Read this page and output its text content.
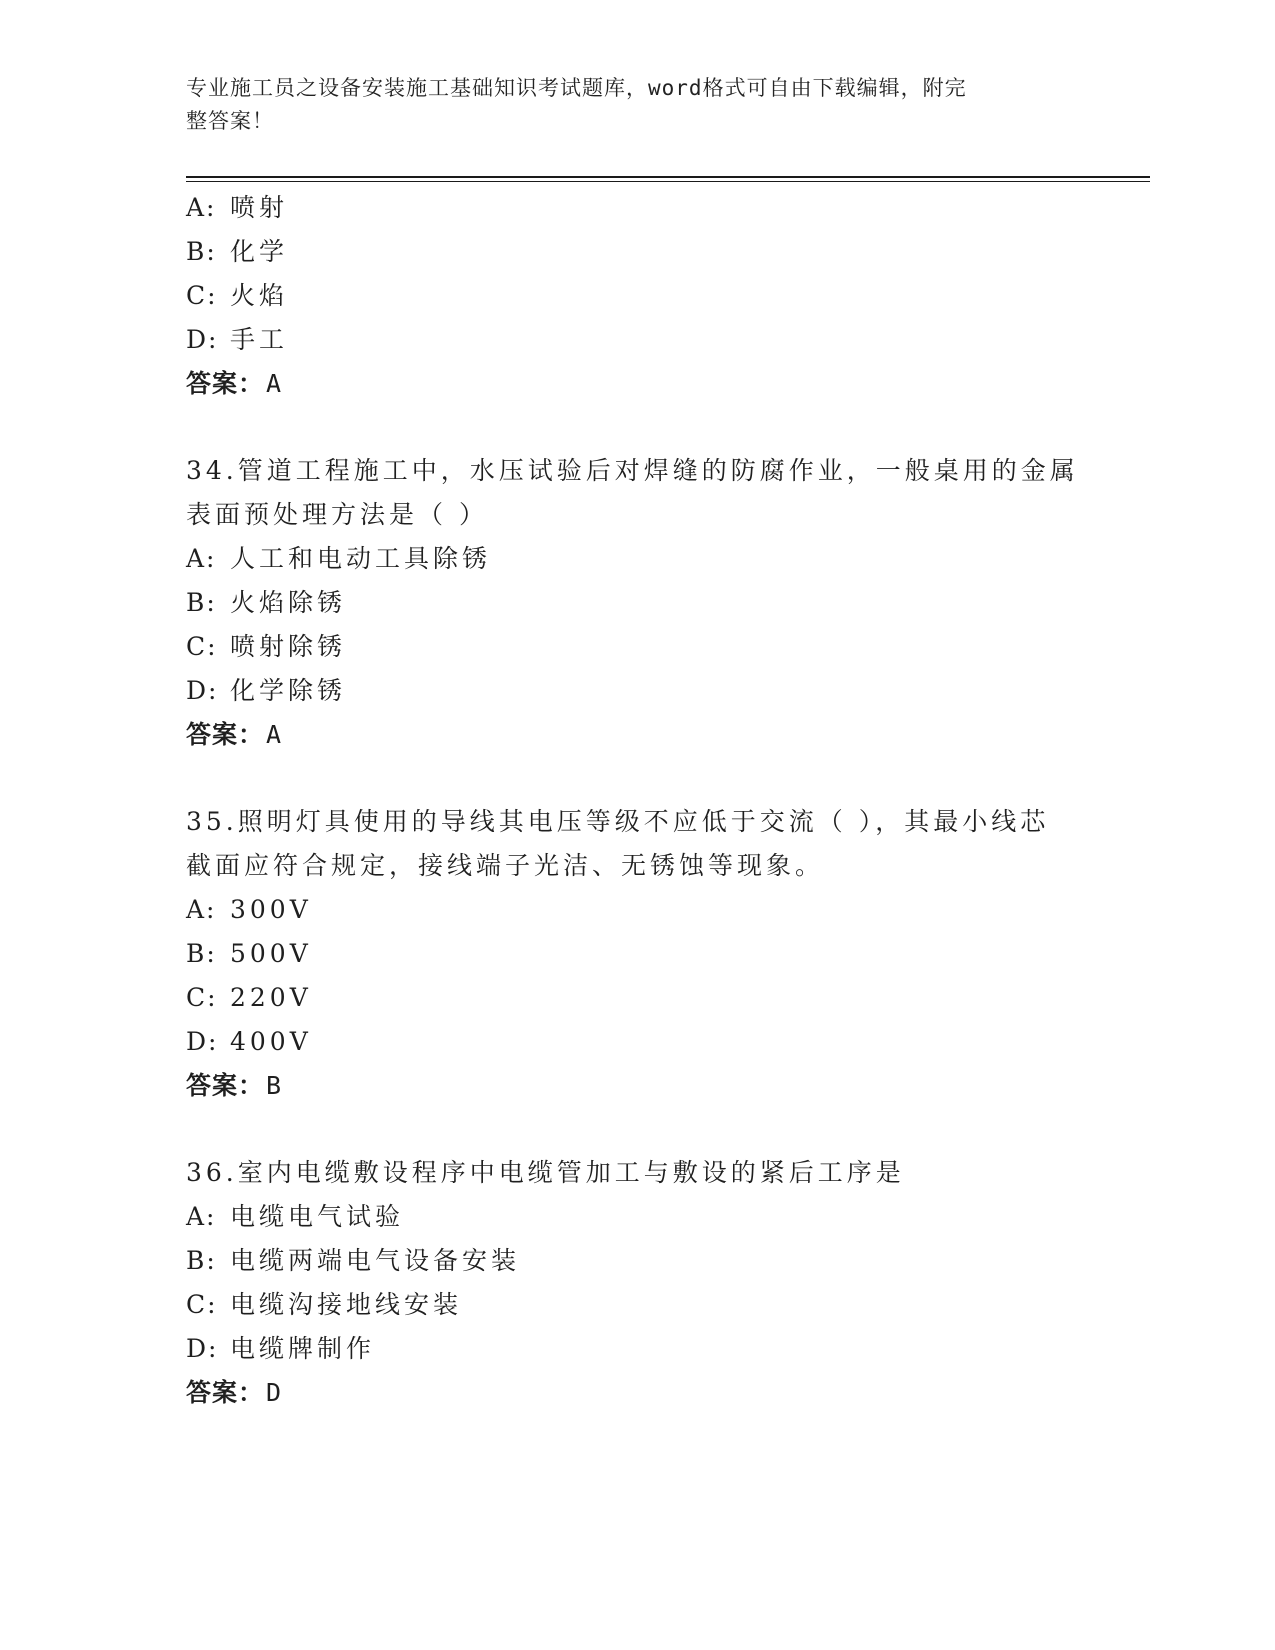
专业施工员之设备安装施工基础知识考试题库，word格式可自由下载编辑，附完
整答案！
A: 喷射
B: 化学
C: 火焰
D: 手工
答案：A
34.管道工程施工中，水压试验后对焊缝的防腐作业，一般桌用的金属
表面预处理方法是（ ）
A: 人工和电动工具除锈
B: 火焰除锈
C: 喷射除锈
D: 化学除锈
答案：A
35.照明灯具使用的导线其电压等级不应低于交流（ ），其最小线芯
截面应符合规定，接线端子光洁、无锈蚀等现象。
A: 300V
B: 500V
C: 220V
D: 400V
答案：B
36.室内电缆敷设程序中电缆管加工与敷设的紧后工序是
A: 电缆电气试验
B: 电缆两端电气设备安装
C: 电缆沟接地线安装
D: 电缆牌制作
答案：D
